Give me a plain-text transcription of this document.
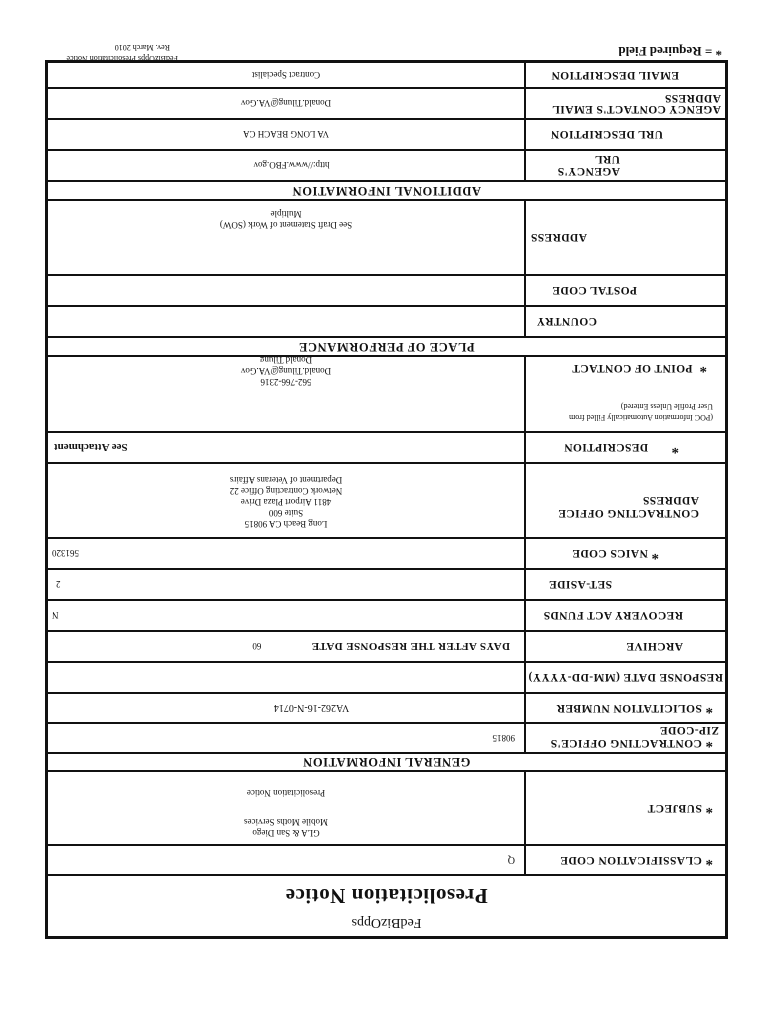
* = Required Field
FedBizOpps Presolicitation Notice
Rev. March 2010
Presolicitation Notice
FedBizOpps
*

CLASSIFICATION CODE
Q
*

SUBJECT
GLA & San Diego
Mobile Moths Services
Presolicitation Notice
GENERAL INFORMATION
* CONTRACTING OFFICE'S ZIP-CODE
90815
*

SOLICITATION NUMBER
VA262-16-N-0714
RESPONSE DATE (MM-DD-YYYY)
ARCHIVE
DAYS AFTER THE RESPONSE DATE
60
RECOVERY ACT FUNDS
N
SET-ASIDE
2
*

NAICS CODE
561320
CONTRACTING OFFICE ADDRESS
Long Beach CA 90815
Suite 600
4811 Airport Plaza Drive
Network Contracting Office 22
Department of Veterans Affairs
*

DESCRIPTION
See Attachment
(POC Information Automatically Filled from
User Profile Unless Entered)
*  POINT OF CONTACT
562-766-2316
Donald.Tilung@VA.Gov
Donald Tilung
PLACE OF PERFORMANCE
COUNTRY
POSTAL CODE
ADDRESS
See Draft Statement of Work (SOW)
Multiple
ADDITIONAL INFORMATION
AGENCY'S URL
http://www.FBO.gov
URL DESCRIPTION
VA LONG BEACH CA
AGENCY CONTACT'S EMAIL ADDRESS
Donald.Tilung@VA.Gov
EMAIL DESCRIPTION
Contract Specialist
